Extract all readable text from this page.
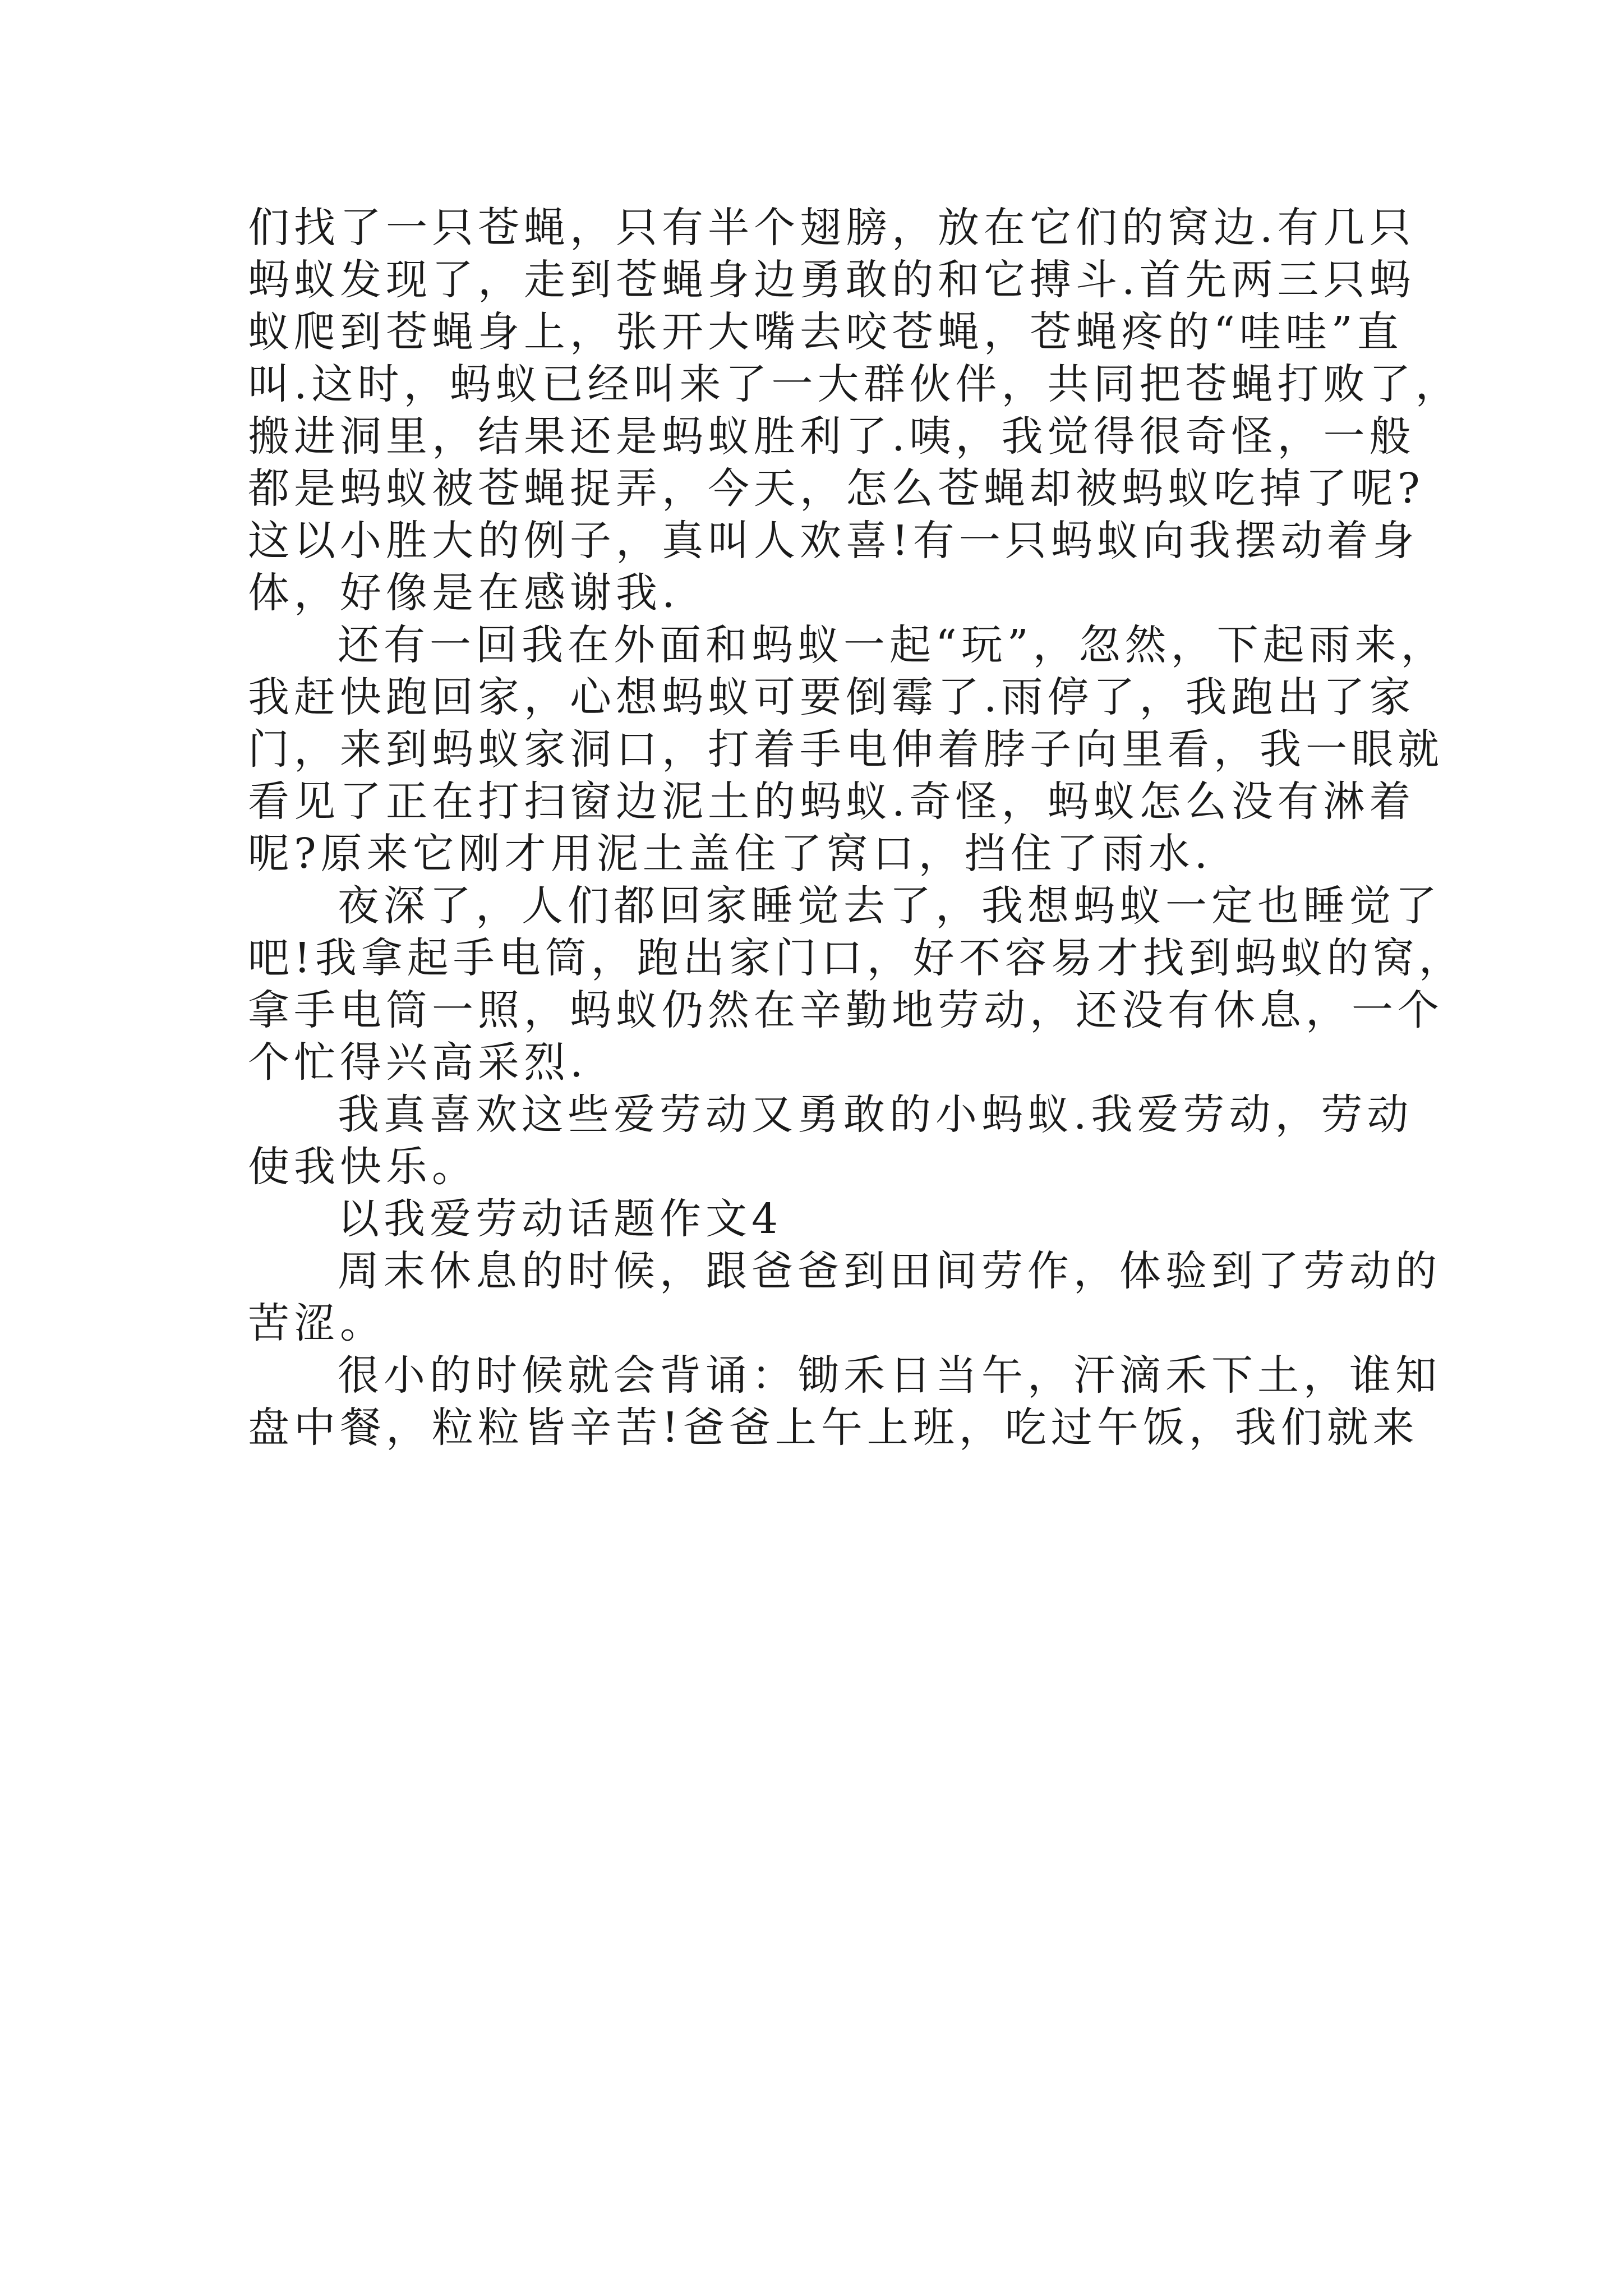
们找了一只苍蝇，只有半个翅膀，放在它们的窝边.有几只
蚂蚁发现了，走到苍蝇身边勇敢的和它搏斗.首先两三只蚂
蚁爬到苍蝇身上，张开大嘴去咬苍蝇，苍蝇疼的“哇哇”直
叫.这时，蚂蚁已经叫来了一大群伙伴，共同把苍蝇打败了，
搬进洞里，结果还是蚂蚁胜利了.咦，我觉得很奇怪，一般
都是蚂蚁被苍蝇捉弄，今天，怎么苍蝇却被蚂蚁吃掉了呢?
这以小胜大的例子，真叫人欢喜!有一只蚂蚁向我摆动着身
体，好像是在感谢我.
还有一回我在外面和蚂蚁一起“玩”，忽然，下起雨来，
我赶快跑回家，心想蚂蚁可要倒霉了.雨停了，我跑出了家
门，来到蚂蚁家洞口，打着手电伸着脖子向里看，我一眼就
看见了正在打扫窗边泥土的蚂蚁.奇怪，蚂蚁怎么没有淋着
呢?原来它刚才用泥土盖住了窝口，挡住了雨水.
夜深了，人们都回家睡觉去了，我想蚂蚁一定也睡觉了
吧!我拿起手电筒，跑出家门口，好不容易才找到蚂蚁的窝，
拿手电筒一照，蚂蚁仍然在辛勤地劳动，还没有休息，一个
个忙得兴高采烈.
我真喜欢这些爱劳动又勇敢的小蚂蚁.我爱劳动，劳动
使我快乐。
以我爱劳动话题作文4
周末休息的时候，跟爸爸到田间劳作，体验到了劳动的
苦涩。
很小的时候就会背诵：锄禾日当午，汗滴禾下土，谁知
盘中餐，粒粒皆辛苦!爸爸上午上班，吃过午饭，我们就来
